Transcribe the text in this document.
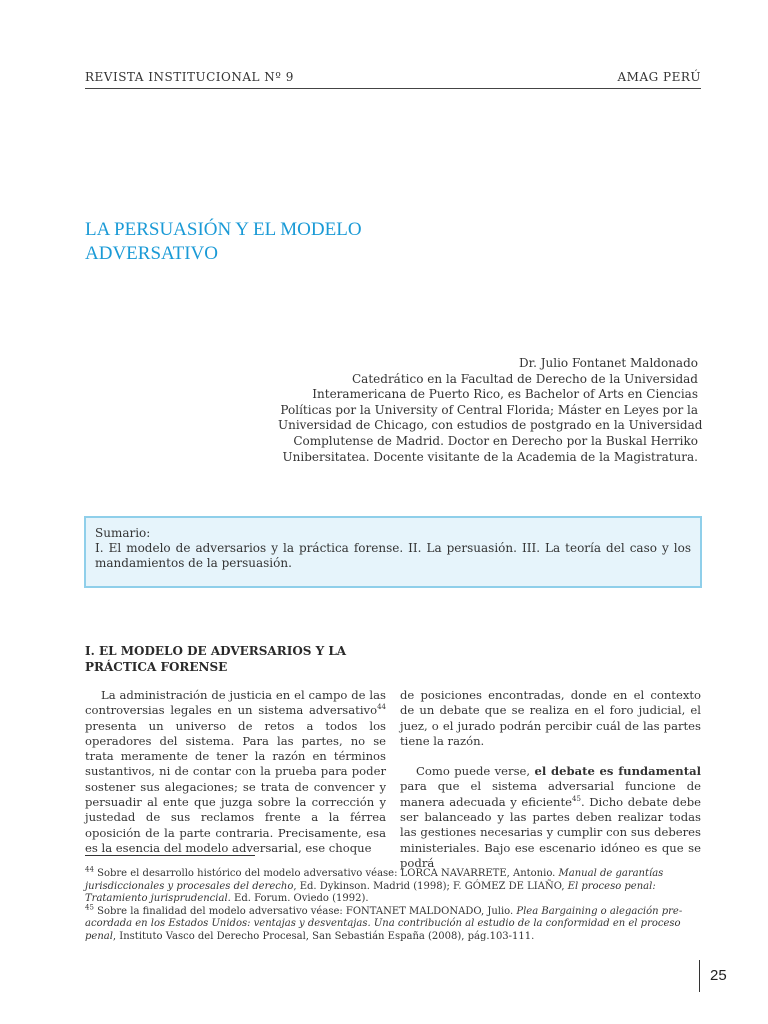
REVISTA INSTITUCIONAL Nº 9	AMAG PERÚ
LA PERSUASIÓN Y EL MODELO
ADVERSATIVO
Dr. Julio Fontanet Maldonado
Catedrático en la Facultad de Derecho de la Universidad
Interamericana de Puerto Rico, es Bachelor of Arts en Ciencias
Políticas por la University of Central Florida; Máster en Leyes por la
Universidad de Chicago, con estudios de postgrado en la Universidad
Complutense de Madrid. Doctor en Derecho por la Buskal Herriko
Unibersitatea. Docente visitante de la Academia de la Magistratura.
Sumario:
I. El modelo de adversarios y la práctica forense. II. La persuasión. III. La teoría del caso y los mandamientos de la persuasión.
I. EL MODELO DE ADVERSARIOS Y LA
PRÁCTICA FORENSE

La administración de justicia en el campo de las controversias legales en un sistema adversativo$^{44}$ presenta un universo de retos a todos los operadores del sistema. Para las partes, no se trata meramente de tener la razón en términos sustantivos, ni de contar con la prueba para poder sostener sus alegaciones; se trata de convencer y persuadir al ente que juzga sobre la corrección y justedad de sus reclamos frente a la férrea oposición de la parte contraria. Precisamente, esa es la esencia del modelo adversarial, ese choque

de posiciones encontradas, donde en el contexto de un debate que se realiza en el foro judicial, el juez, o el jurado podrán percibir cuál de las partes tiene la razón.

Como puede verse, el debate es fundamental para que el sistema adversarial funcione de manera adecuada y eficiente$^{45}$. Dicho debate debe ser balanceado y las partes deben realizar todas las gestiones necesarias y cumplir con sus deberes ministeriales. Bajo ese escenario idóneo es que se podrá

$^{44}$ Sobre el desarrollo histórico del modelo adversativo véase: LORCA NAVARRETE, Antonio. Manual de garantías jurisdiccionales y procesales del derecho, Ed. Dykinson. Madrid (1998); F. GÓMEZ DE LIAÑO, El proceso penal: Tratamiento jurisprudencial. Ed. Forum. Oviedo (1992).

$^{45}$ Sobre la finalidad del modelo adversativo véase: FONTANET MALDONADO, Julio. Plea Bargaining o alegación pre-acordada en los Estados Unidos: ventajas y desventajas. Una contribución al estudio de la conformidad en el proceso penal, Instituto Vasco del Derecho Procesal, San Sebastián España (2008), pág.103-111.

25
